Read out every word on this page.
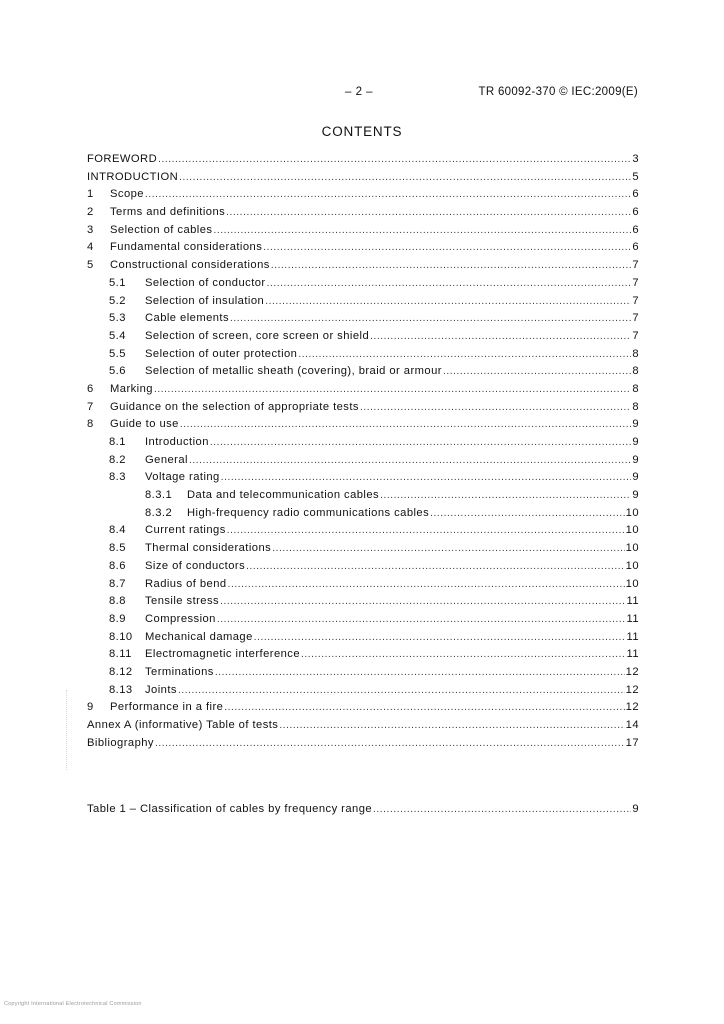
– 2 –	TR 60092-370 © IEC:2009(E)
CONTENTS
FOREWORD .....	3
INTRODUCTION .....	5
1	Scope .....	6
2	Terms and definitions .....	6
3	Selection of cables .....	6
4	Fundamental considerations .....	6
5	Constructional considerations .....	7
5.1	Selection of conductor .....	7
5.2	Selection of insulation .....	7
5.3	Cable elements .....	7
5.4	Selection of screen, core screen or shield .....	7
5.5	Selection of outer protection .....	8
5.6	Selection of metallic sheath (covering), braid or armour .....	8
6	Marking .....	8
7	Guidance on the selection of appropriate tests .....	8
8	Guide to use .....	9
8.1	Introduction .....	9
8.2	General .....	9
8.3	Voltage rating .....	9
8.3.1	Data and telecommunication cables .....	9
8.3.2	High-frequency radio communications cables .....	10
8.4	Current ratings .....	10
8.5	Thermal considerations .....	10
8.6	Size of conductors .....	10
8.7	Radius of bend .....	10
8.8	Tensile stress .....	11
8.9	Compression .....	11
8.10	Mechanical damage .....	11
8.11	Electromagnetic interference .....	11
8.12	Terminations .....	12
8.13	Joints .....	12
9	Performance in a fire .....	12
Annex A (informative) Table of tests .....	14
Bibliography .....	17
Table 1 – Classification of cables by frequency range .....	9
Copyright International Electrotechnical Commission
